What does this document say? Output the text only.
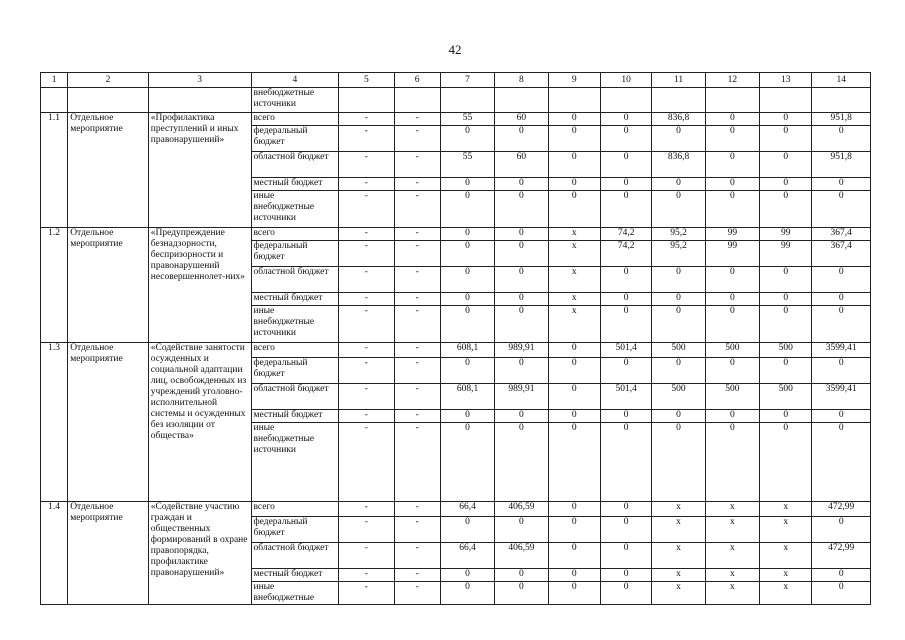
42
1	2	3	4	5	6	7	8	9	10	11	12	13	14
			внебюджетные источники										
1.1	Отдельное мероприятие	«Профилактика преступлений и иных правонарушений»	всего	-	-	55	60	0	0	836,8	0	0	951,8
			федеральный бюджет	-	-	0	0	0	0	0	0	0	0
			областной бюджет	-	-	55	60	0	0	836,8	0	0	951,8
			местный бюджет	-	-	0	0	0	0	0	0	0	0
			иные внебюджетные источники	-	-	0	0	0	0	0	0	0	0
1.2	Отдельное мероприятие	«Предупреждение безнадзорности, беспризорности и правонарушений несовершеннолет-них»	всего	-	-	0	0	x	74,2	95,2	99	99	367,4
			федеральный бюджет	-	-	0	0	x	74,2	95,2	99	99	367,4
			областной бюджет	-	-	0	0	x	0	0	0	0	0
			местный бюджет	-	-	0	0	x	0	0	0	0	0
			иные внебюджетные источники	-	-	0	0	x	0	0	0	0	0
1.3	Отдельное мероприятие	«Содействие занятости осужденных и социальной адаптации лиц, освобожденных из учреждений уголовно-исполнительной системы и осужденных без изоляции от общества»	всего	-	-	608,1	989,91	0	501,4	500	500	500	3599,41
			федеральный бюджет	-	-	0	0	0	0	0	0	0	0
			областной бюджет	-	-	608,1	989,91	0	501,4	500	500	500	3599,41
			местный бюджет	-	-	0	0	0	0	0	0	0	0
			иные внебюджетные источники	-	-	0	0	0	0	0	0	0	0
1.4	Отдельное мероприятие	«Содействие участию граждан и общественных формирований в охране правопорядка, профилактике правонарушений»	всего	-	-	66,4	406,59	0	0	x	x	x	472,99
			федеральный бюджет	-	-	0	0	0	0	x	x	x	0
			областной бюджет	-	-	66,4	406,59	0	0	x	x	x	472,99
			местный бюджет	-	-	0	0	0	0	x	x	x	0
			иные внебюджетные	-	-	0	0	0	0	x	x	x	0
